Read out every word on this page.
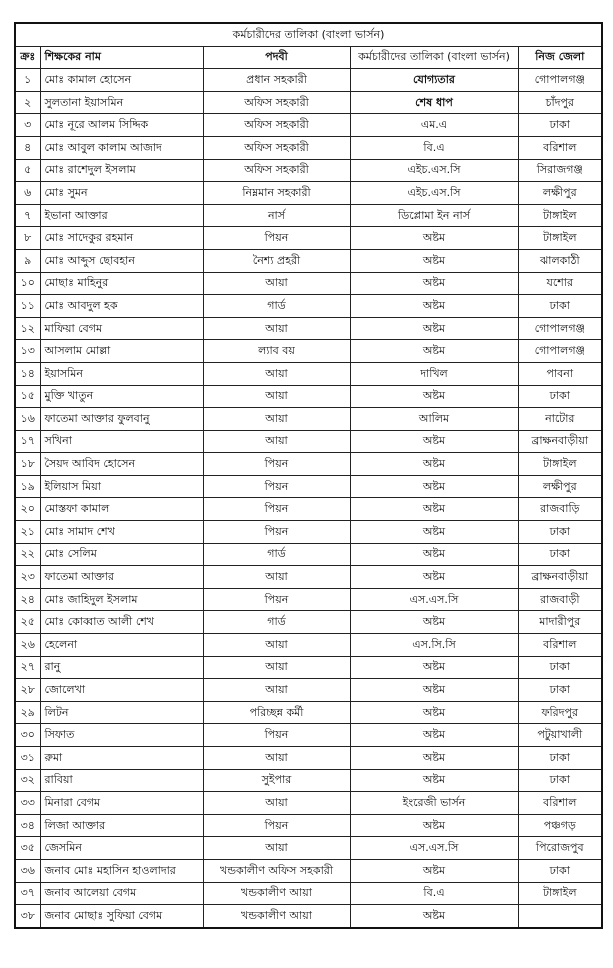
কর্মচারীদের তালিকা (বাংলা ভার্সন)				
ক্রঃ	শিক্ষকের নাম	পদবী	কর্মচারীদের তালিকা (বাংলা ভার্সন)	নিজ জেলা
১	মোঃ কামাল হোসেন	প্রধান সহকারী	যোগ্যতার	গোপালগঞ্জ
২	সুলতানা ইয়াসমিন	অফিস সহকারী	শেষ ধাপ	চাঁদপুর
৩	মোঃ নূরে আলম সিদ্দিক	অফিস সহকারী	এম.এ	ঢাকা
৪	মোঃ আবুল কালাম আজাদ	অফিস সহকারী	বি.এ	বরিশাল
৫	মোঃ রাশেদুল ইসলাম	অফিস সহকারী	এইচ.এস.সি	সিরাজগঞ্জ
৬	মোঃ সুমন	নিম্নমান সহকারী	এইচ.এস.সি	লক্ষীপুর
৭	ইভানা আক্তার	নার্স	ডিপ্লোমা ইন নার্স	টাঙ্গাইল
৮	মোঃ সাদেকুর রহমান	পিয়ন	অষ্টম	টাঙ্গাইল
৯	মোঃ আব্দুস ছোবহান	নৈশ্য প্রহরী	অষ্টম	ঝালকাঠী
১০	মোছাঃ মাহিনুর	আয়া	অষ্টম	যশোর
১১	মোঃ আবদুল হক	গার্ড	অষ্টম	ঢাকা
১২	মাফিয়া বেগম	আয়া	অষ্টম	গোপালগঞ্জ
১৩	আসলাম মোল্লা	ল্যাব বয়	অষ্টম	গোপালগঞ্জ
১৪	ইয়াসমিন	আয়া	দাখিল	পাবনা
১৫	মুক্তি খাতুন	আয়া	অষ্টম	ঢাকা
১৬	ফাতেমা আক্তার ফুলবানু	আয়া	আলিম	নাটোর
১৭	সখিনা	আয়া	অষ্টম	ব্রাক্ষনবাড়ীয়া
১৮	সৈয়দ আবিদ হোসেন	পিয়ন	অষ্টম	টাঙ্গাইল
১৯	ইলিয়াস মিয়া	পিয়ন	অষ্টম	লক্ষীপুর
২০	মোস্তফা কামাল	পিয়ন	অষ্টম	রাজবাড়ি
২১	মোঃ সামাদ শেখ	পিয়ন	অষ্টম	ঢাকা
২২	মোঃ সেলিম	গার্ড	অষ্টম	ঢাকা
২৩	ফাতেমা আক্তার	আয়া	অষ্টম	ব্রাক্ষনবাড়ীয়া
২৪	মোঃ জাহিদুল ইসলাম	পিয়ন	এস.এস.সি	রাজবাড়ী
২৫	মোঃ কোব্বাত আলী শেখ	গার্ড	অষ্টম	মাদারীপুর
২৬	হেলেনা	আয়া	এস.সি.সি	বরিশাল
২৭	রানু	আয়া	অষ্টম	ঢাকা
২৮	জোলেখা	আয়া	অষ্টম	ঢাকা
২৯	লিটন	পরিচ্ছন্ন কর্মী	অষ্টম	ফরিদপুর
৩০	সিফাত	পিয়ন	অষ্টম	পটুয়াখালী
৩১	রুমা	আয়া	অষ্টম	ঢাকা
৩২	রাবিয়া	সুইপার	অষ্টম	ঢাকা
৩৩	মিনারা বেগম	আয়া	ইংরেজী ভার্সন	বরিশাল
৩৪	লিজা আক্তার	পিয়ন	অষ্টম	পঞ্চগড়
৩৫	জেসমিন	আয়া	এস.এস.সি	পিরোজপুব
৩৬	জনাব মোঃ মহাসিন হাওলাদার	খন্ডকালীণ অফিস সহকারী	অষ্টম	ঢাকা
৩৭	জনাব আলেয়া বেগম	খন্ডকালীণ আয়া	বি.এ	টাঙ্গাইল
৩৮	জনাব মোছাঃ সুফিয়া বেগম	খন্ডকালীণ আয়া	অষ্টম	
